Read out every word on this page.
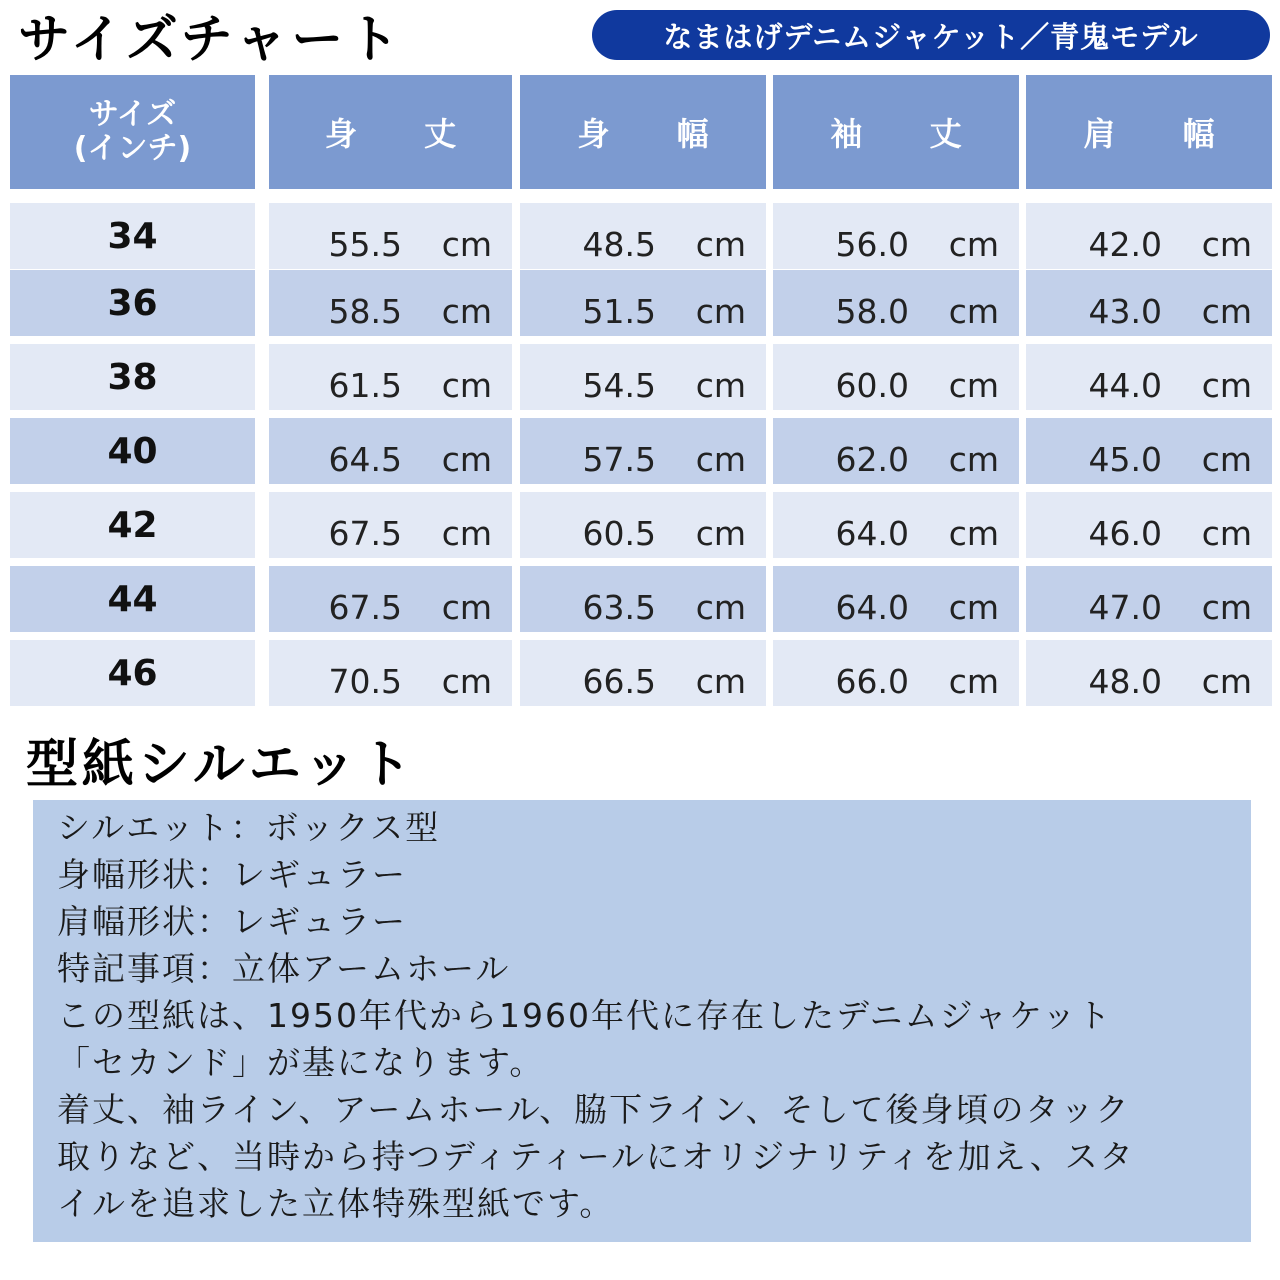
サイズチャート	なまはげデニムジャケット／青鬼モデル
サイズ
(インチ)	身 丈	身 幅	袖 丈	肩 幅
34	55.5 cm	48.5 cm	56.0 cm	42.0 cm
36	58.5 cm	51.5 cm	58.0 cm	43.0 cm
38	61.5 cm	54.5 cm	60.0 cm	44.0 cm
40	64.5 cm	57.5 cm	62.0 cm	45.0 cm
42	67.5 cm	60.5 cm	64.0 cm	46.0 cm
44	67.5 cm	63.5 cm	64.0 cm	47.0 cm
46	70.5 cm	66.5 cm	66.0 cm	48.0 cm
型紙シルエット
シルエット：ボックス型
身幅形状：レギュラー
肩幅形状：レギュラー
特記事項：立体アームホール
この型紙は、1950年代から1960年代に存在したデニムジャケット
「セカンド」が基になります。
着丈、袖ライン、アームホール、脇下ライン、そして後身頃のタック
取りなど、当時から持つディティールにオリジナリティを加え、スタ
イルを追求した立体特殊型紙です。
